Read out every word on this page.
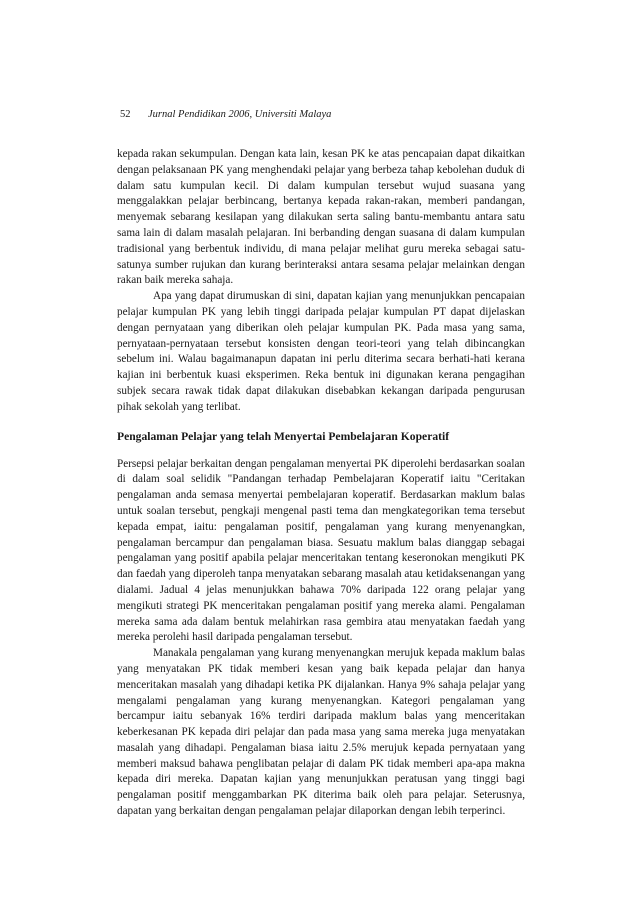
52 Jurnal Pendidikan 2006, Universiti Malaya

kepada rakan sekumpulan. Dengan kata lain, kesan PK ke atas pencapaian dapat dikaitkan dengan pelaksanaan PK yang menghendaki pelajar yang berbeza tahap kebolehan duduk di dalam satu kumpulan kecil. Di dalam kumpulan tersebut wujud suasana yang menggalakkan pelajar berbincang, bertanya kepada rakan-rakan, memberi pandangan, menyemak sebarang kesilapan yang dilakukan serta saling bantu-membantu antara satu sama lain di dalam masalah pelajaran. Ini berbanding dengan suasana di dalam kumpulan tradisional yang berbentuk individu, di mana pelajar melihat guru mereka sebagai satu-satunya sumber rujukan dan kurang berinteraksi antara sesama pelajar melainkan dengan rakan baik mereka sahaja.

Apa yang dapat dirumuskan di sini, dapatan kajian yang menunjukkan pencapaian pelajar kumpulan PK yang lebih tinggi daripada pelajar kumpulan PT dapat dijelaskan dengan pernyataan yang diberikan oleh pelajar kumpulan PK. Pada masa yang sama, pernyataan-pernyataan tersebut konsisten dengan teori-teori yang telah dibincangkan sebelum ini. Walau bagaimanapun dapatan ini perlu diterima secara berhati-hati kerana kajian ini berbentuk kuasi eksperimen. Reka bentuk ini digunakan kerana pengagihan subjek secara rawak tidak dapat dilakukan disebabkan kekangan daripada pengurusan pihak sekolah yang terlibat.

Pengalaman Pelajar yang telah Menyertai Pembelajaran Koperatif

Persepsi pelajar berkaitan dengan pengalaman menyertai PK diperolehi berdasarkan soalan di dalam soal selidik "Pandangan terhadap Pembelajaran Koperatif iaitu "Ceritakan pengalaman anda semasa menyertai pembelajaran koperatif. Berdasarkan maklum balas untuk soalan tersebut, pengkaji mengenal pasti tema dan mengkategorikan tema tersebut kepada empat, iaitu: pengalaman positif, pengalaman yang kurang menyenangkan, pengalaman bercampur dan pengalaman biasa. Sesuatu maklum balas dianggap sebagai pengalaman yang positif apabila pelajar menceritakan tentang keseronokan mengikuti PK dan faedah yang diperoleh tanpa menyatakan sebarang masalah atau ketidaksenangan yang dialami. Jadual 4 jelas menunjukkan bahawa 70% daripada 122 orang pelajar yang mengikuti strategi PK menceritakan pengalaman positif yang mereka alami. Pengalaman mereka sama ada dalam bentuk melahirkan rasa gembira atau menyatakan faedah yang mereka perolehi hasil daripada pengalaman tersebut.

Manakala pengalaman yang kurang menyenangkan merujuk kepada maklum balas yang menyatakan PK tidak memberi kesan yang baik kepada pelajar dan hanya menceritakan masalah yang dihadapi ketika PK dijalankan. Hanya 9% sahaja pelajar yang mengalami pengalaman yang kurang menyenangkan. Kategori pengalaman yang bercampur iaitu sebanyak 16% terdiri daripada maklum balas yang menceritakan keberkesanan PK kepada diri pelajar dan pada masa yang sama mereka juga menyatakan masalah yang dihadapi. Pengalaman biasa iaitu 2.5% merujuk kepada pernyataan yang memberi maksud bahawa penglibatan pelajar di dalam PK tidak memberi apa-apa makna kepada diri mereka. Dapatan kajian yang menunjukkan peratusan yang tinggi bagi pengalaman positif menggambarkan PK diterima baik oleh para pelajar. Seterusnya, dapatan yang berkaitan dengan pengalaman pelajar dilaporkan dengan lebih terperinci.
